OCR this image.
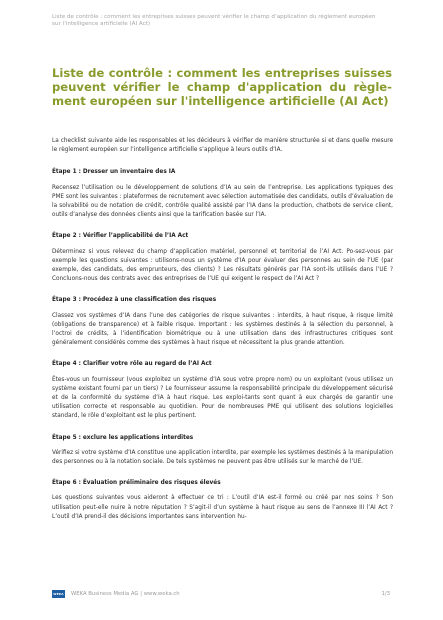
Liste de contrôle : comment les entreprises suisses peuvent vérifier le champ d’application du règlement européen sur l’intelligence artificielle (AI Act)
Liste de contrôle : comment les entreprises suisses peuvent vérifier le champ d'application du règle-ment européen sur l'intelligence artificielle (AI Act)

La checklist suivante aide les responsables et les décideurs à vérifier de manière structurée si et dans quelle mesure le règlement européen sur l’intelligence artificielle s’applique à leurs outils d’IA.

Étape 1 : Dresser un inventaire des IA

Recensez l’utilisation ou le développement de solutions d’IA au sein de l’entreprise. Les applications typiques des PME sont les suivantes : plateformes de recrutement avec sélection automatisée des candidats, outils d’évaluation de la solvabilité ou de notation de crédit, contrôle qualité assisté par l’IA dans la production, chatbots de service client, outils d’analyse des données clients ainsi que la tarification basée sur l’IA.

Étape 2 : Vérifier l’applicabilité de l’IA Act

Déterminez si vous relevez du champ d’application matériel, personnel et territorial de l’AI Act. Po-sez-vous par exemple les questions suivantes : utilisons-nous un système d’IA pour évaluer des personnes au sein de l’UE (par exemple, des candidats, des emprunteurs, des clients) ? Les résultats générés par l’IA sont-ils utilisés dans l’UE ? Concluons-nous des contrats avec des entreprises de l’UE qui exigent le respect de l’AI Act ?

Étape 3 : Procédez à une classification des risques

Classez vos systèmes d’IA dans l’une des catégories de risque suivantes : interdits, à haut risque, à risque limité (obligations de transparence) et à faible risque. Important : les systèmes destinés à la sélection du personnel, à l’octroi de crédits, à l’identification biométrique ou à une utilisation dans des infrastructures critiques sont généralement considérés comme des systèmes à haut risque et nécessitent la plus grande attention.

Étape 4 : Clarifier votre rôle au regard de l’AI Act

Êtes-vous un fournisseur (vous exploitez un système d’IA sous votre propre nom) ou un exploitant (vous utilisez un système existant fourni par un tiers) ? Le fournisseur assume la responsabilité principale du développement sécurisé et de la conformité du système d’IA à haut risque. Les exploi-tants sont quant à eux chargés de garantir une utilisation correcte et responsable au quotidien. Pour de nombreuses PME qui utilisent des solutions logicielles standard, le rôle d’exploitant est le plus pertinent.

Étape 5 : exclure les applications interdites

Vérifiez si votre système d’IA constitue une application interdite, par exemple les systèmes destinés à la manipulation des personnes ou à la notation sociale. De tels systèmes ne peuvent pas être utilisés sur le marché de l’UE.

Étape 6 : Évaluation préliminaire des risques élevés

Les questions suivantes vous aideront à effectuer ce tri : L’outil d’IA est-il formé ou créé par nos soins ? Son utilisation peut-elle nuire à notre réputation ? S’agit-il d’un système à haut risque au sens de l’annexe III l’AI Act ? L’outil d’IA prend-il des décisions importantes sans intervention hu-

WEKA WEKA Business Media AG | www.weka.ch	1/3
